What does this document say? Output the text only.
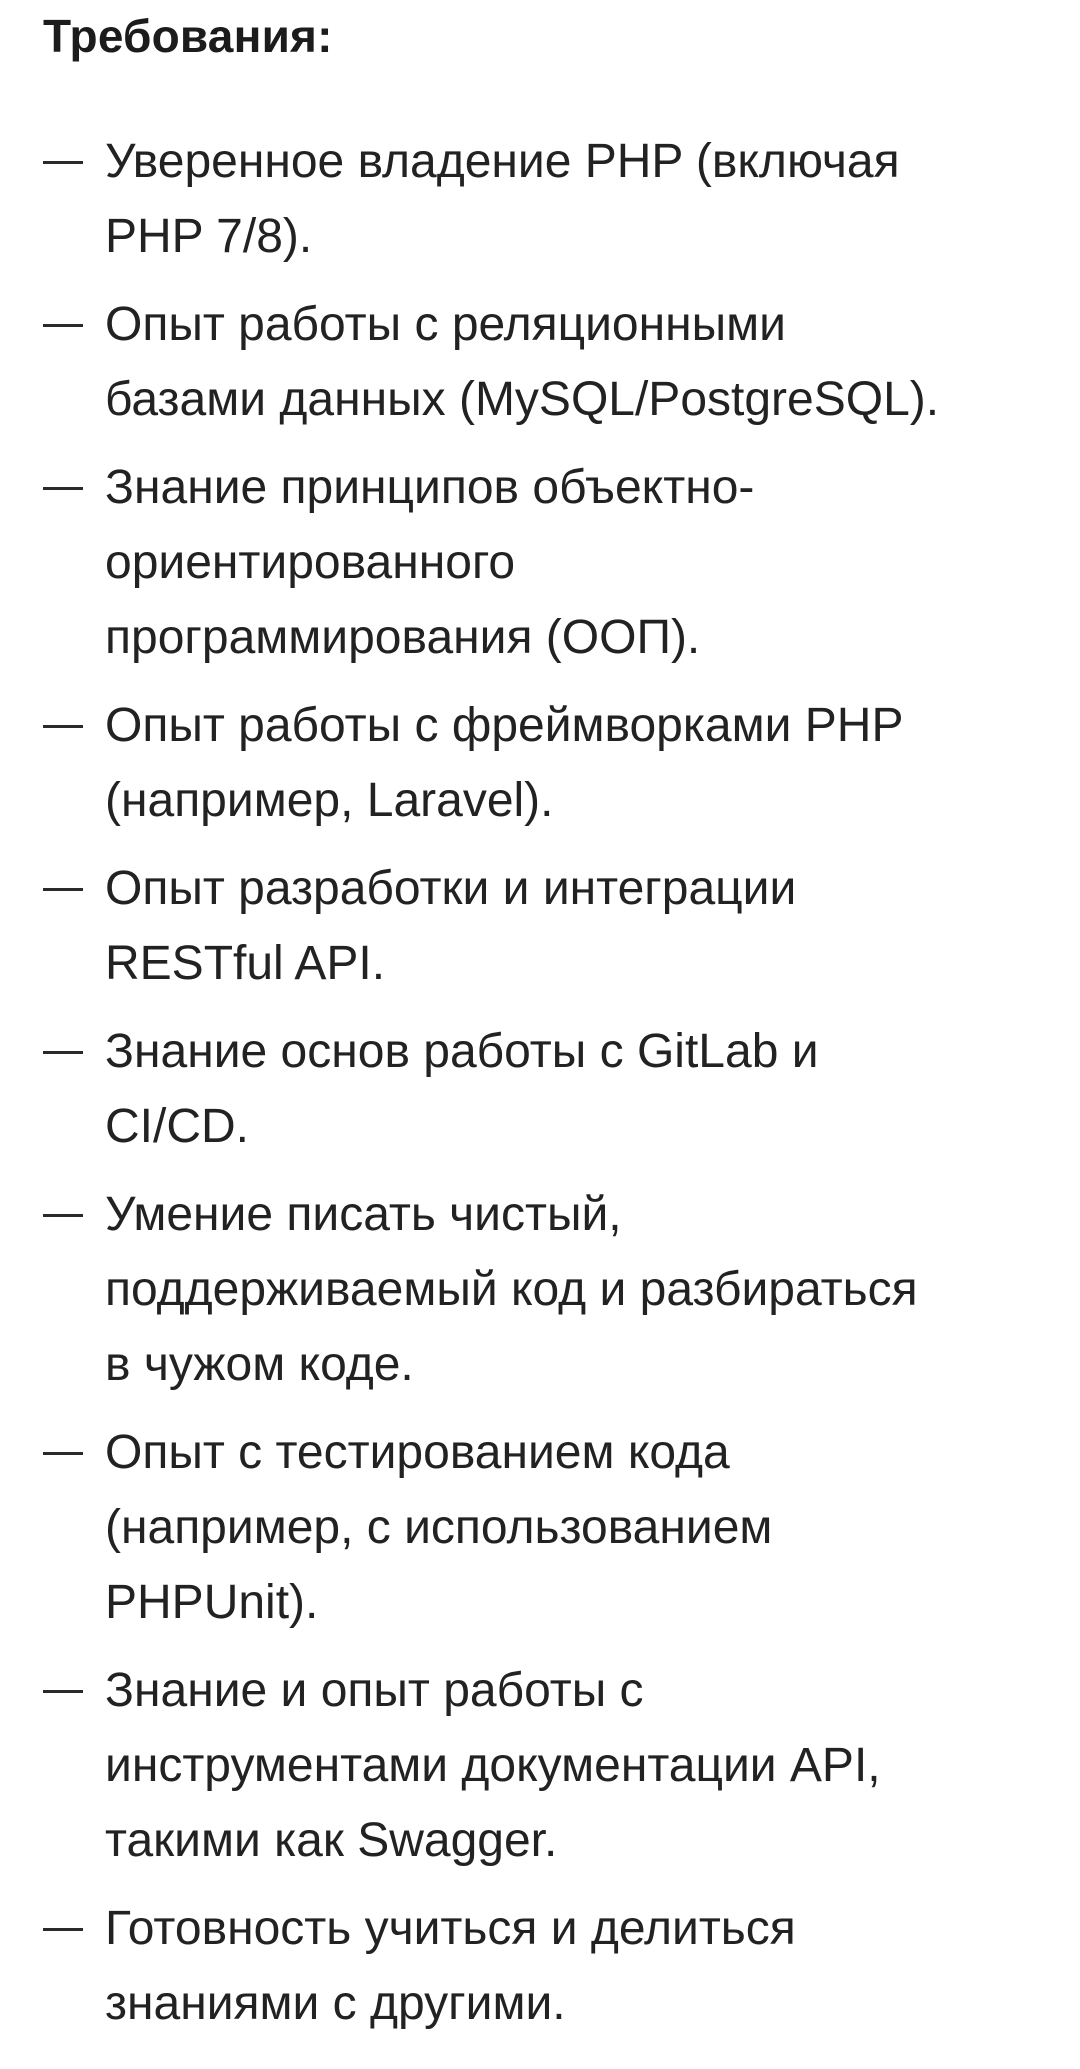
Требования:
Уверенное владение PHP (включая
PHP 7/8).
Опыт работы с реляционными
базами данных (MySQL/PostgreSQL).
Знание принципов объектно-
ориентированного
программирования (ООП).
Опыт работы с фреймворками PHP
(например, Laravel).
Опыт разработки и интеграции
RESTful API.
Знание основ работы с GitLab и
CI/CD.
Умение писать чистый,
поддерживаемый код и разбираться
в чужом коде.
Опыт с тестированием кода
(например, с использованием
PHPUnit).
Знание и опыт работы с
инструментами документации API,
такими как Swagger.
Готовность учиться и делиться
знаниями с другими.
